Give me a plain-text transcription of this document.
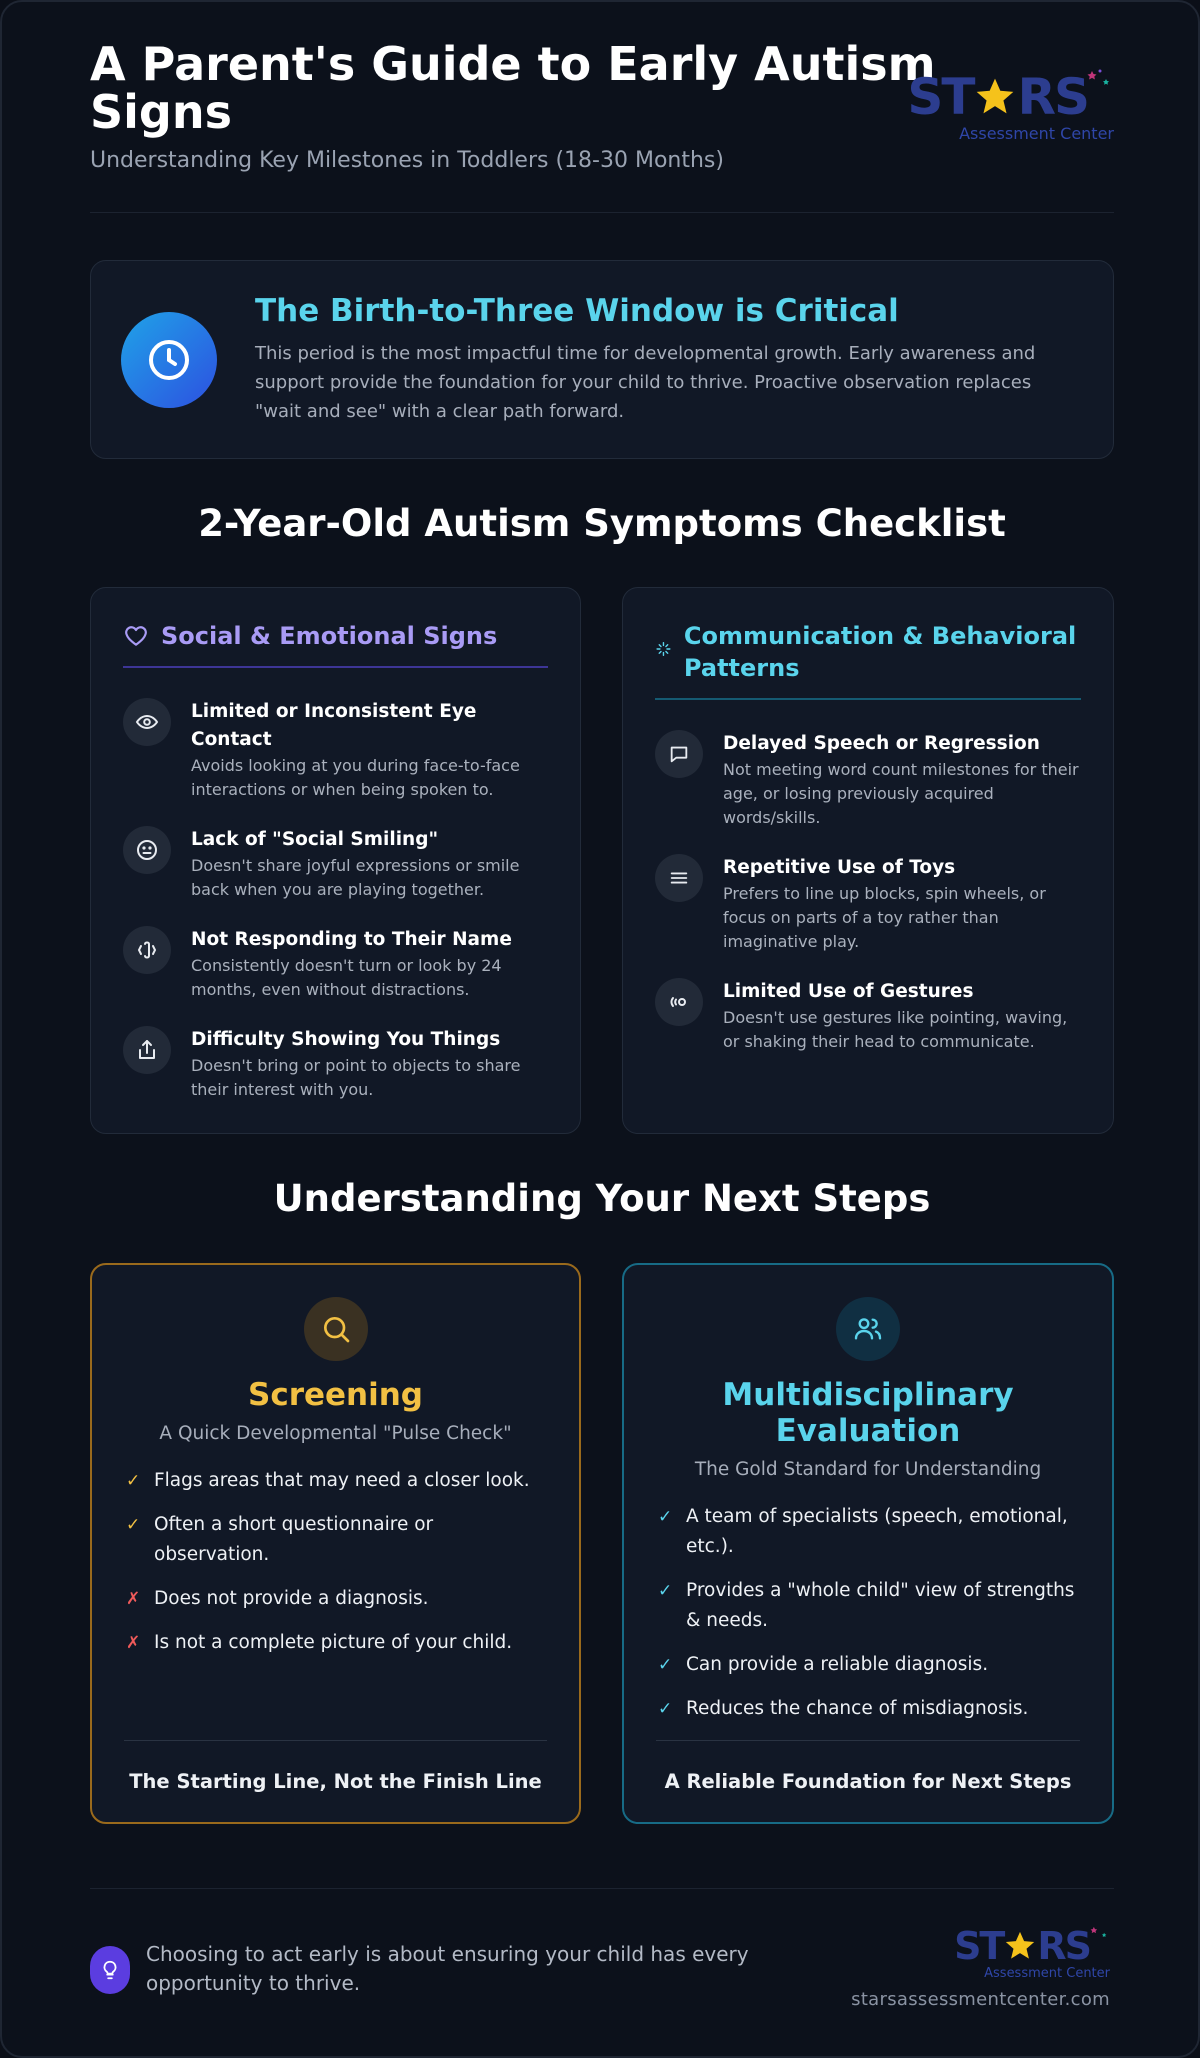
A Parent's Guide to Early Autism Signs
Understanding Key Milestones in Toddlers (18-30 Months)
ST RS
Assessment Center
The Birth-to-Three Window is Critical
This period is the most impactful time for developmental growth. Early awareness and support provide the foundation for your child to thrive. Proactive observation replaces "wait and see" with a clear path forward.
2-Year-Old Autism Symptoms Checklist
Social & Emotional Signs
Limited or Inconsistent Eye Contact
Avoids looking at you during face-to-face interactions or when being spoken to.
Lack of "Social Smiling"
Doesn't share joyful expressions or smile back when you are playing together.
Not Responding to Their Name
Consistently doesn't turn or look by 24 months, even without distractions.
Difficulty Showing You Things
Doesn't bring or point to objects to share their interest with you.
Communication & Behavioral Patterns
Delayed Speech or Regression
Not meeting word count milestones for their age, or losing previously acquired words/skills.
Repetitive Use of Toys
Prefers to line up blocks, spin wheels, or focus on parts of a toy rather than imaginative play.
Limited Use of Gestures
Doesn't use gestures like pointing, waving, or shaking their head to communicate.
Understanding Your Next Steps
Screening
A Quick Developmental "Pulse Check"
✓ Flags areas that may need a closer look.
✓ Often a short questionnaire or observation.
✗ Does not provide a diagnosis.
✗ Is not a complete picture of your child.
The Starting Line, Not the Finish Line
Multidisciplinary Evaluation
The Gold Standard for Understanding
✓ A team of specialists (speech, emotional, etc.).
✓ Provides a "whole child" view of strengths & needs.
✓ Can provide a reliable diagnosis.
✓ Reduces the chance of misdiagnosis.
A Reliable Foundation for Next Steps
Choosing to act early is about ensuring your child has every opportunity to thrive.
ST RS
Assessment Center
starsassessmentcenter.com
